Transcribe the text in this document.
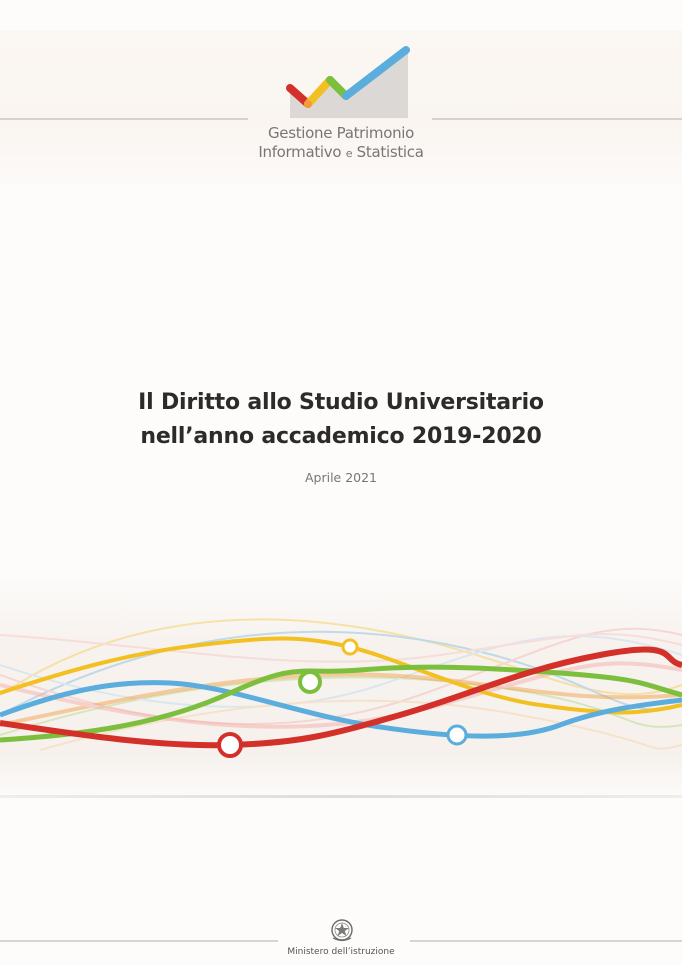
Gestione Patrimonio
Informativo e Statistica
Il Diritto allo Studio Universitario
nell’anno accademico 2019-2020
Aprile 2021
Ministero dell’istruzione
